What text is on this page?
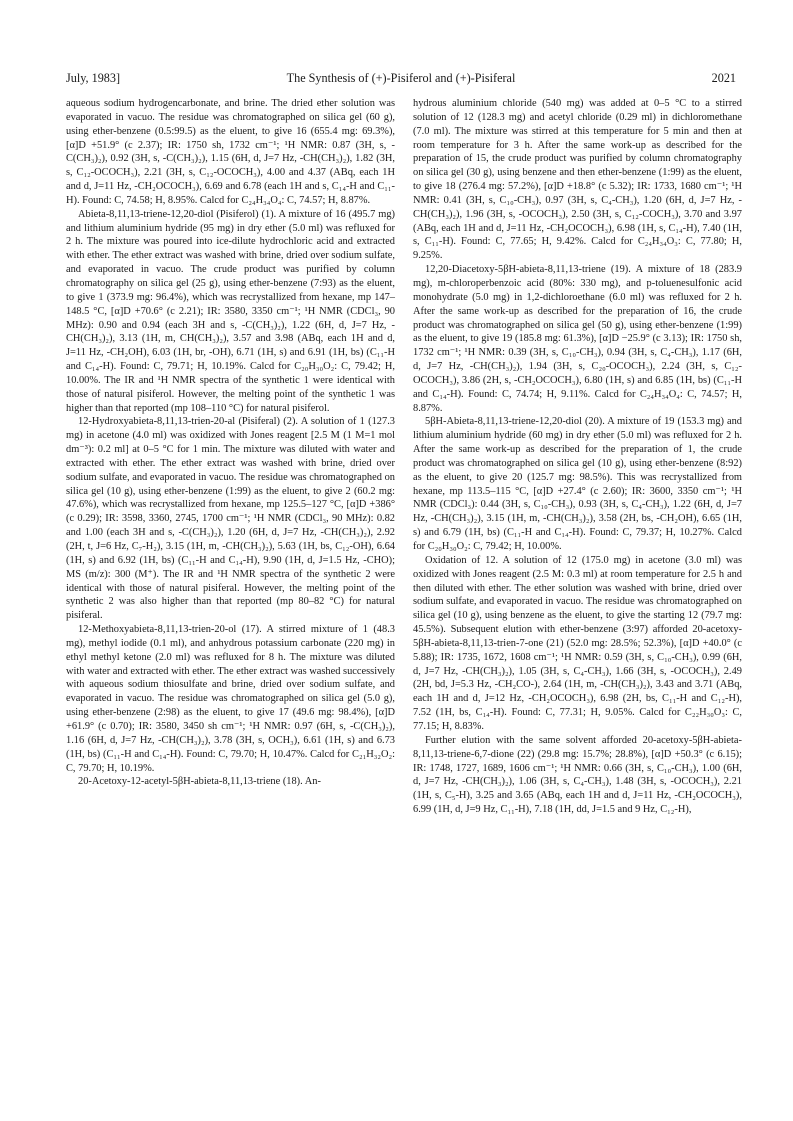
July, 1983]	The Synthesis of (+)-Pisiferol and (+)-Pisiferal	2021

aqueous sodium hydrogencarbonate, and brine. The dried ether solution was evaporated in vacuo. The residue was chromatographed on silica gel (60 g), using ether-benzene (0.5:99.5) as the eluent, to give 16 (655.4 mg: 69.3%), [α]D +51.9° (c 2.37); IR: 1750 sh, 1732 cm⁻¹; ¹H NMR: 0.87 (3H, s, -C(CH₃)₂), 0.92 (3H, s, -C(CH₃)₂), 1.15 (6H, d, J=7 Hz, -CH(CH₃)₂), 1.82 (3H, s, C₁₂-OCOCH₃), 2.21 (3H, s, C₁₂-OCOCH₃), 4.00 and 4.37 (ABq, each 1H and d, J=11 Hz, -CH₂OCOCH₃), 6.69 and 6.78 (each 1H and s, C₁₄-H and C₁₁-H). Found: C, 74.58; H, 8.95%. Calcd for C₂₄H₃₄O₄: C, 74.57; H, 8.87%.

Abieta-8,11,13-triene-12,20-diol (Pisiferol) (1). A mixture of 16 (495.7 mg) and lithium aluminium hydride (95 mg) in dry ether (5.0 ml) was refluxed for 2 h. The mixture was poured into ice-dilute hydrochloric acid and extracted with ether. The ether extract was washed with brine, dried over sodium sulfate, and evaporated in vacuo. The crude product was purified by column chromatography on silica gel (25 g), using ether-benzene (7:93) as the eluent, to give 1 (373.9 mg: 96.4%), which was recrystallized from hexane, mp 147–148.5 °C, [α]D +70.6° (c 2.21); IR: 3580, 3350 cm⁻¹; ¹H NMR (CDCl₃, 90 MHz): 0.90 and 0.94 (each 3H and s, -C(CH₃)₂), 1.22 (6H, d, J=7 Hz, -CH(CH₃)₂), 3.13 (1H, m, CH(CH₃)₂), 3.57 and 3.98 (ABq, each 1H and d, J=11 Hz, -CH₂OH), 6.03 (1H, br, -OH), 6.71 (1H, s) and 6.91 (1H, bs) (C₁₁-H and C₁₄-H). Found: C, 79.71; H, 10.19%. Calcd for C₂₀H₃₀O₂: C, 79.42; H, 10.00%. The IR and ¹H NMR spectra of the synthetic 1 were identical with those of natural pisiferol. However, the melting point of the synthetic 1 was higher than that reported (mp 108–110 °C) for natural pisiferol.

12-Hydroxyabieta-8,11,13-trien-20-al (Pisiferal) (2). A solution of 1 (127.3 mg) in acetone (4.0 ml) was oxidized with Jones reagent [2.5 M (1 M=1 mol dm⁻³): 0.2 ml] at 0–5 °C for 1 min. The mixture was diluted with water and extracted with ether. The ether extract was washed with brine, dried over sodium sulfate, and evaporated in vacuo. The residue was chromatographed on silica gel (10 g), using ether-benzene (1:99) as the eluent, to give 2 (60.2 mg: 47.6%), which was recrystallized from hexane, mp 125.5–127 °C, [α]D +386° (c 0.29); IR: 3598, 3360, 2745, 1700 cm⁻¹; ¹H NMR (CDCl₃, 90 MHz): 0.82 and 1.00 (each 3H and s, -C(CH₃)₂), 1.20 (6H, d, J=7 Hz, -CH(CH₃)₂), 2.92 (2H, t, J=6 Hz, C₇-H₂), 3.15 (1H, m, -CH(CH₃)₂), 5.63 (1H, bs, C₁₂-OH), 6.64 (1H, s) and 6.92 (1H, bs) (C₁₁-H and C₁₄-H), 9.90 (1H, d, J=1.5 Hz, -CHO); MS (m/z): 300 (M⁺). The IR and ¹H NMR spectra of the synthetic 2 were identical with those of natural pisiferal. However, the melting point of the synthetic 2 was also higher than that reported (mp 80–82 °C) for natural pisiferal.

12-Methoxyabieta-8,11,13-trien-20-ol (17). A stirred mixture of 1 (48.3 mg), methyl iodide (0.1 ml), and anhydrous potassium carbonate (220 mg) in ethyl methyl ketone (2.0 ml) was refluxed for 8 h. The mixture was diluted with water and extracted with ether. The ether extract was washed successively with aqueous sodium thiosulfate and brine, dried over sodium sulfate, and evaporated in vacuo. The residue was chromatographed on silica gel (5.0 g), using ether-benzene (2:98) as the eluent, to give 17 (49.6 mg: 98.4%), [α]D +61.9° (c 0.70); IR: 3580, 3450 sh cm⁻¹; ¹H NMR: 0.97 (6H, s, -C(CH₃)₂), 1.16 (6H, d, J=7 Hz, -CH(CH₃)₂), 3.78 (3H, s, OCH₃), 6.61 (1H, s) and 6.73 (1H, bs) (C₁₁-H and C₁₄-H). Found: C, 79.70; H, 10.47%. Calcd for C₂₁H₃₂O₂: C, 79.70; H, 10.19%.

20-Acetoxy-12-acetyl-5βH-abieta-8,11,13-triene (18). An-

hydrous aluminium chloride (540 mg) was added at 0–5 °C to a stirred solution of 12 (128.3 mg) and acetyl chloride (0.29 ml) in dichloromethane (7.0 ml). The mixture was stirred at this temperature for 5 min and then at room temperature for 3 h. After the same work-up as described for the preparation of 15, the crude product was purified by column chromatography on silica gel (30 g), using benzene and then ether-benzene (1:99) as the eluent, to give 18 (276.4 mg: 57.2%), [α]D +18.8° (c 5.32); IR: 1733, 1680 cm⁻¹; ¹H NMR: 0.41 (3H, s, C₁₀-CH₃), 0.97 (3H, s, C₄-CH₃), 1.20 (6H, d, J=7 Hz, -CH(CH₃)₂), 1.96 (3H, s, -OCOCH₃), 2.50 (3H, s, C₁₂-COCH₃), 3.70 and 3.97 (ABq, each 1H and d, J=11 Hz, -CH₂OCOCH₃), 6.98 (1H, s, C₁₄-H), 7.40 (1H, s, C₁₁-H). Found: C, 77.65; H, 9.42%. Calcd for C₂₄H₃₄O₃: C, 77.80; H, 9.25%.

12,20-Diacetoxy-5βH-abieta-8,11,13-triene (19). A mixture of 18 (283.9 mg), m-chloroperbenzoic acid (80%: 330 mg), and p-toluenesulfonic acid monohydrate (5.0 mg) in 1,2-dichloroethane (6.0 ml) was refluxed for 2 h. After the same work-up as described for the preparation of 16, the crude product was chromatographed on silica gel (50 g), using ether-benzene (1:99) as the eluent, to give 19 (185.8 mg: 61.3%), [α]D −25.9° (c 3.13); IR: 1750 sh, 1732 cm⁻¹; ¹H NMR: 0.39 (3H, s, C₁₀-CH₃), 0.94 (3H, s, C₄-CH₃), 1.17 (6H, d, J=7 Hz, -CH(CH₃)₂), 1.94 (3H, s, C₂₀-OCOCH₃), 2.24 (3H, s, C₁₂-OCOCH₃), 3.86 (2H, s, -CH₂OCOCH₃), 6.80 (1H, s) and 6.85 (1H, bs) (C₁₁-H and C₁₄-H). Found: C, 74.74; H, 9.11%. Calcd for C₂₄H₃₄O₄: C, 74.57; H, 8.87%.

5βH-Abieta-8,11,13-triene-12,20-diol (20). A mixture of 19 (153.3 mg) and lithium aluminium hydride (60 mg) in dry ether (5.0 ml) was refluxed for 2 h. After the same work-up as described for the preparation of 1, the crude product was chromatographed on silica gel (10 g), using ether-benzene (8:92) as the eluent, to give 20 (125.7 mg: 98.5%). This was recrystallized from hexane, mp 113.5–115 °C, [α]D +27.4° (c 2.60); IR: 3600, 3350 cm⁻¹; ¹H NMR (CDCl₃): 0.44 (3H, s, C₁₀-CH₃), 0.93 (3H, s, C₄-CH₃), 1.22 (6H, d, J=7 Hz, -CH(CH₃)₂), 3.15 (1H, m, -CH(CH₃)₂), 3.58 (2H, bs, -CH₂OH), 6.65 (1H, s) and 6.79 (1H, bs) (C₁₁-H and C₁₄-H). Found: C, 79.37; H, 10.27%. Calcd for C₂₀H₃₀O₂: C, 79.42; H, 10.00%.

Oxidation of 12. A solution of 12 (175.0 mg) in acetone (3.0 ml) was oxidized with Jones reagent (2.5 M: 0.3 ml) at room temperature for 2.5 h and then diluted with ether. The ether solution was washed with brine, dried over sodium sulfate, and evaporated in vacuo. The residue was chromatographed on silica gel (10 g), using benzene as the eluent, to give the starting 12 (79.7 mg: 45.5%). Subsequent elution with ether-benzene (3:97) afforded 20-acetoxy-5βH-abieta-8,11,13-trien-7-one (21) (52.0 mg: 28.5%; 52.3%), [α]D +40.0° (c 5.88); IR: 1735, 1672, 1608 cm⁻¹; ¹H NMR: 0.59 (3H, s, C₁₀-CH₃), 0.99 (6H, d, J=7 Hz, -CH(CH₃)₂), 1.05 (3H, s, C₄-CH₃), 1.66 (3H, s, -OCOCH₃), 2.49 (2H, bd, J=5.3 Hz, -CH₂CO-), 2.64 (1H, m, -CH(CH₃)₂), 3.43 and 3.71 (ABq, each 1H and d, J=12 Hz, -CH₂OCOCH₃), 6.98 (2H, bs, C₁₁-H and C₁₂-H), 7.52 (1H, bs, C₁₄-H). Found: C, 77.31; H, 9.05%. Calcd for C₂₂H₃₀O₃: C, 77.15; H, 8.83%.

Further elution with the same solvent afforded 20-acetoxy-5βH-abieta-8,11,13-triene-6,7-dione (22) (29.8 mg: 15.7%; 28.8%), [α]D +50.3° (c 6.15); IR: 1748, 1727, 1689, 1606 cm⁻¹; ¹H NMR: 0.66 (3H, s, C₁₀-CH₃), 1.00 (6H, d, J=7 Hz, -CH(CH₃)₂), 1.06 (3H, s, C₄-CH₃), 1.48 (3H, s, -OCOCH₃), 2.21 (1H, s, C₅-H), 3.25 and 3.65 (ABq, each 1H and d, J=11 Hz, -CH₂OCOCH₃), 6.99 (1H, d, J=9 Hz, C₁₁-H), 7.18 (1H, dd, J=1.5 and 9 Hz, C₁₂-H),
